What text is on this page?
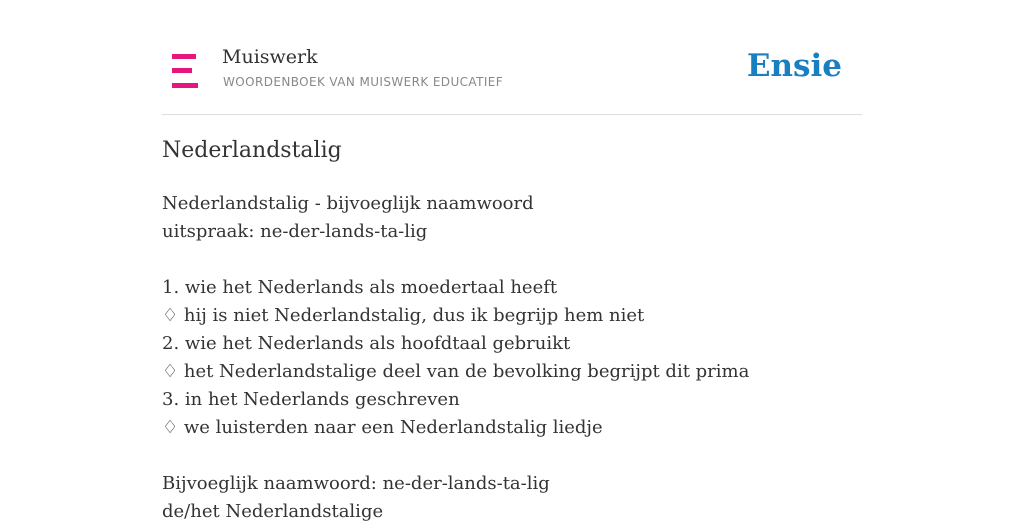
Muiswerk
WOORDENBOEK VAN MUISWERK EDUCATIEF	Ensie
Nederlandstalig
Nederlandstalig - bijvoeglijk naamwoord
uitspraak: ne-der-lands-ta-lig
1. wie het Nederlands als moedertaal heeft
♢ hij is niet Nederlandstalig, dus ik begrijp hem niet
2. wie het Nederlands als hoofdtaal gebruikt
♢ het Nederlandstalige deel van de bevolking begrijpt dit prima
3. in het Nederlands geschreven
♢ we luisterden naar een Nederlandstalig liedje
Bijvoeglijk naamwoord: ne-der-lands-ta-lig
de/het Nederlandstalige
